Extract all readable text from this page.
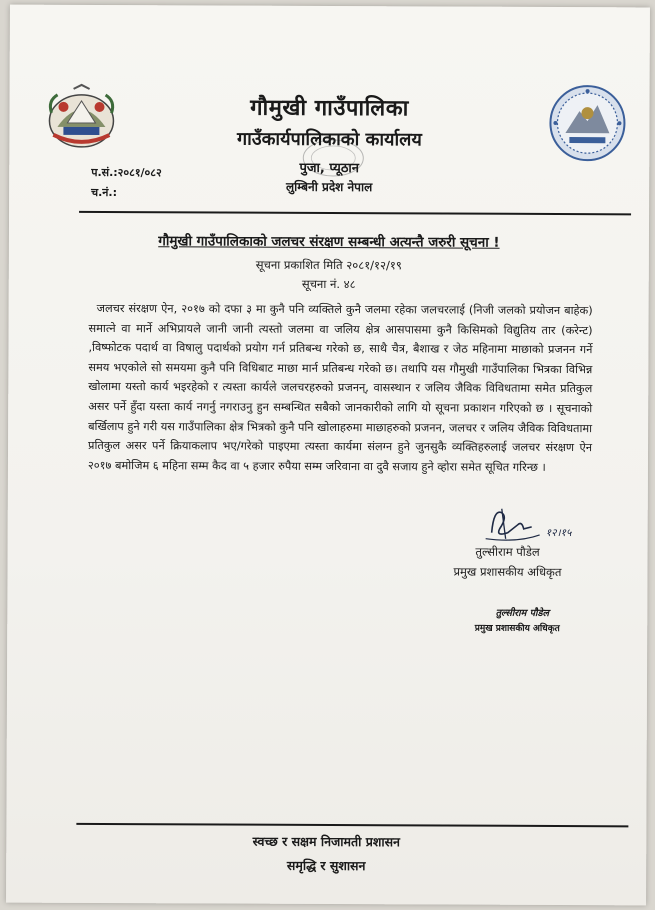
गौमुखी गाउँपालिका
गाउँकार्यपालिकाको कार्यालय
पुजा, प्यूठान
लुम्बिनी प्रदेश नेपाल
प.सं.:२०८१/०८२
च.नं.:
गौमुखी गाउँपालिकाको जलचर संरक्षण सम्बन्धी अत्यन्तै जरुरी सूचना !
सूचना प्रकाशित मिति २०८१/१२/१९
सूचना नं. ४८
जलचर संरक्षण ऐन, २०१७ को दफा ३ मा कुनै पनि व्यक्तिले कुनै जलमा रहेका जलचरलाई (निजी जलको प्रयोजन बाहेक) समात्ने वा मार्ने अभिप्रायले जानी जानी त्यस्तो जलमा वा जलिय क्षेत्र आसपासमा कुनै किसिमको विद्युतिय तार (करेन्ट) ,विष्फोटक पदार्थ वा विषालु पदार्थको प्रयोग गर्न प्रतिबन्ध गरेको छ, साथै चैत्र, बैशाख र जेठ महिनामा माछाको प्रजनन गर्ने समय भएकोले सो समयमा कुनै पनि विधिबाट माछा मार्न प्रतिबन्ध गरेको छ। तथापि यस गौमुखी गाउँपालिका भित्रका विभिन्न खोलामा यस्तो कार्य भइरहेको र त्यस्ता कार्यले जलचरहरुको प्रजनन्, वासस्थान र जलिय जैविक विविधतामा समेत प्रतिकुल असर पर्ने हुँदा यस्ता कार्य नगर्नु नगराउनु हुन सम्बन्धित सबैको जानकारीको लागि यो सूचना प्रकाशन गरिएको छ । सूचनाको बर्खिलाप हुने गरी यस गाउँपालिका क्षेत्र भित्रको कुनै पनि खोलाहरुमा माछाहरुको प्रजनन, जलचर र जलिय जैविक विविधतामा प्रतिकुल असर पर्ने क्रियाकलाप भए/गरेको पाइएमा त्यस्ता कार्यमा संलग्न हुने जुनसुकै व्यक्तिहरुलाई जलचर संरक्षण ऐन २०१७ बमोजिम ६ महिना सम्म कैद वा ५ हजार रुपैया सम्म जरिवाना वा दुवै सजाय हुने व्होरा समेत सूचित गरिन्छ ।
१२।१५
तुल्सीराम पौडेल
प्रमुख प्रशासकीय अधिकृत
तुल्सीराम पौडेल
प्रमुख प्रशासकीय अधिकृत
स्वच्छ र सक्षम निजामती प्रशासन
समृद्धि र सुशासन
